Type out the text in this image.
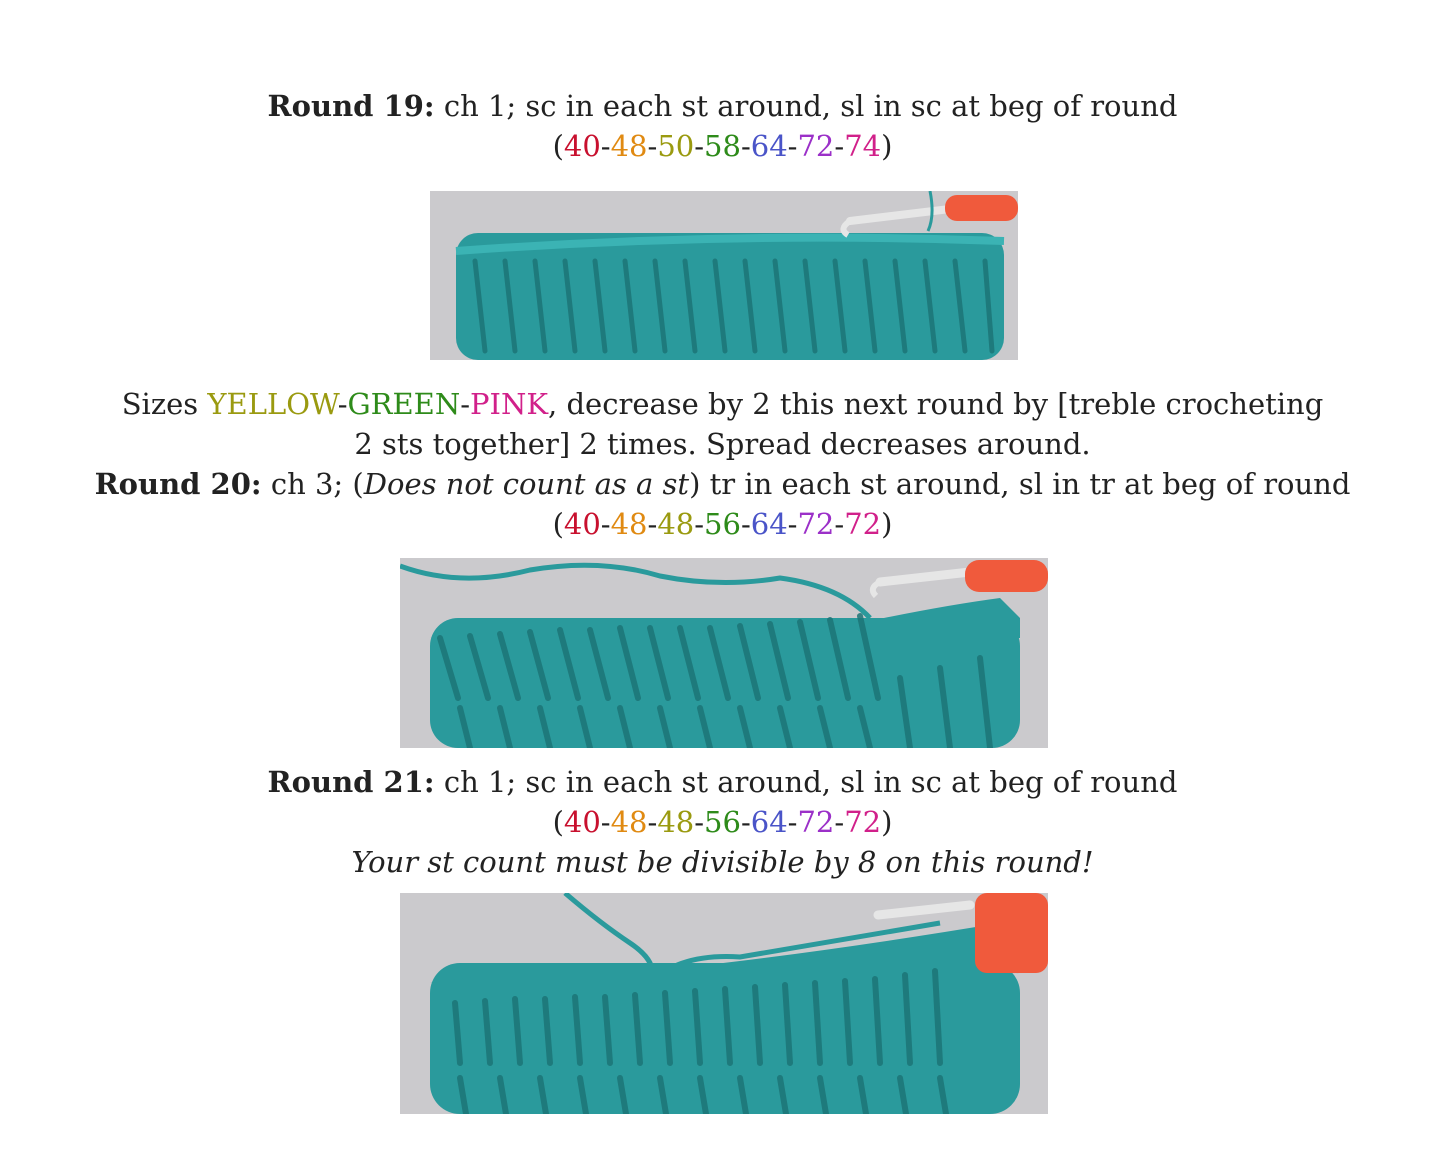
Round 19: ch 1; sc in each st around, sl in sc at beg of round
(40-48-50-58-64-72-74)
Sizes YELLOW-GREEN-PINK, decrease by 2 this next round by [treble crocheting
2 sts together] 2 times. Spread decreases around.
Round 20: ch 3; (Does not count as a st) tr in each st around, sl in tr at beg of round
(40-48-48-56-64-72-72)
Round 21: ch 1; sc in each st around, sl in sc at beg of round
(40-48-48-56-64-72-72)
Your st count must be divisible by 8 on this round!
